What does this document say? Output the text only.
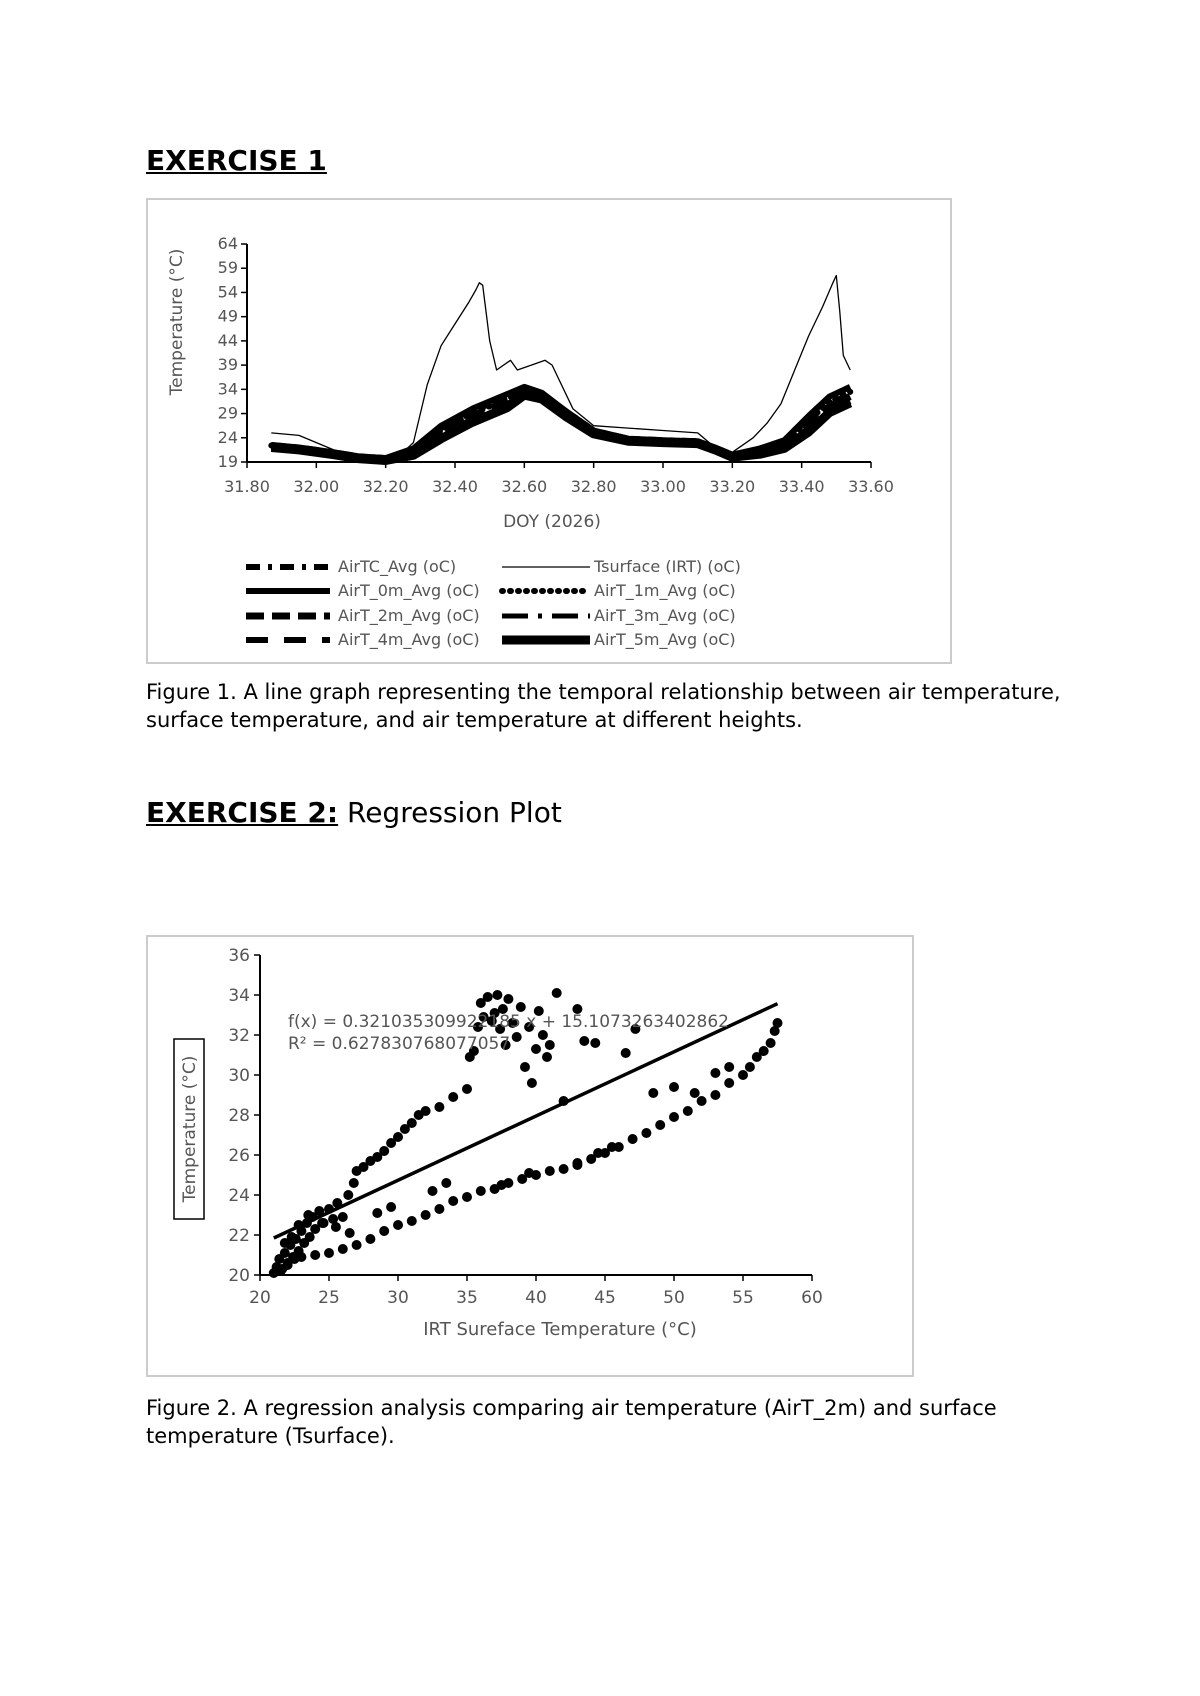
EXERCISE 1
19
24
29
34
39
44
49
54
59
64
31.80 32.00 32.20 32.40 32.60 32.80 33.00 33.20 33.40 33.60
AirTC_Avg (oC)	Tsurface (IRT) (oC)
AirT_0m_Avg (oC)	AirT_1m_Avg (oC)
AirT_2m_Avg (oC)	AirT_3m_Avg (oC)
AirT_4m_Avg (oC)	AirT_5m_Avg (oC)
DOY (2026)
Temperature (°C)
Figure 1. A line graph representing the temporal relationship between air temperature, surface temperature, and air temperature at different heights.
EXERCISE 2: Regression Plot
20
22
24
26
28
30
32
34
36
20	25	30	35	40	45	50	55	60
f(x) = 0.321035309922185 x + 15.1073263402862
R² = 0.627830768077057
IRT Sureface Temperature (°C)
Temperature (°C)
Figure 2. A regression analysis comparing air temperature (AirT_2m) and surface temperature (Tsurface).
